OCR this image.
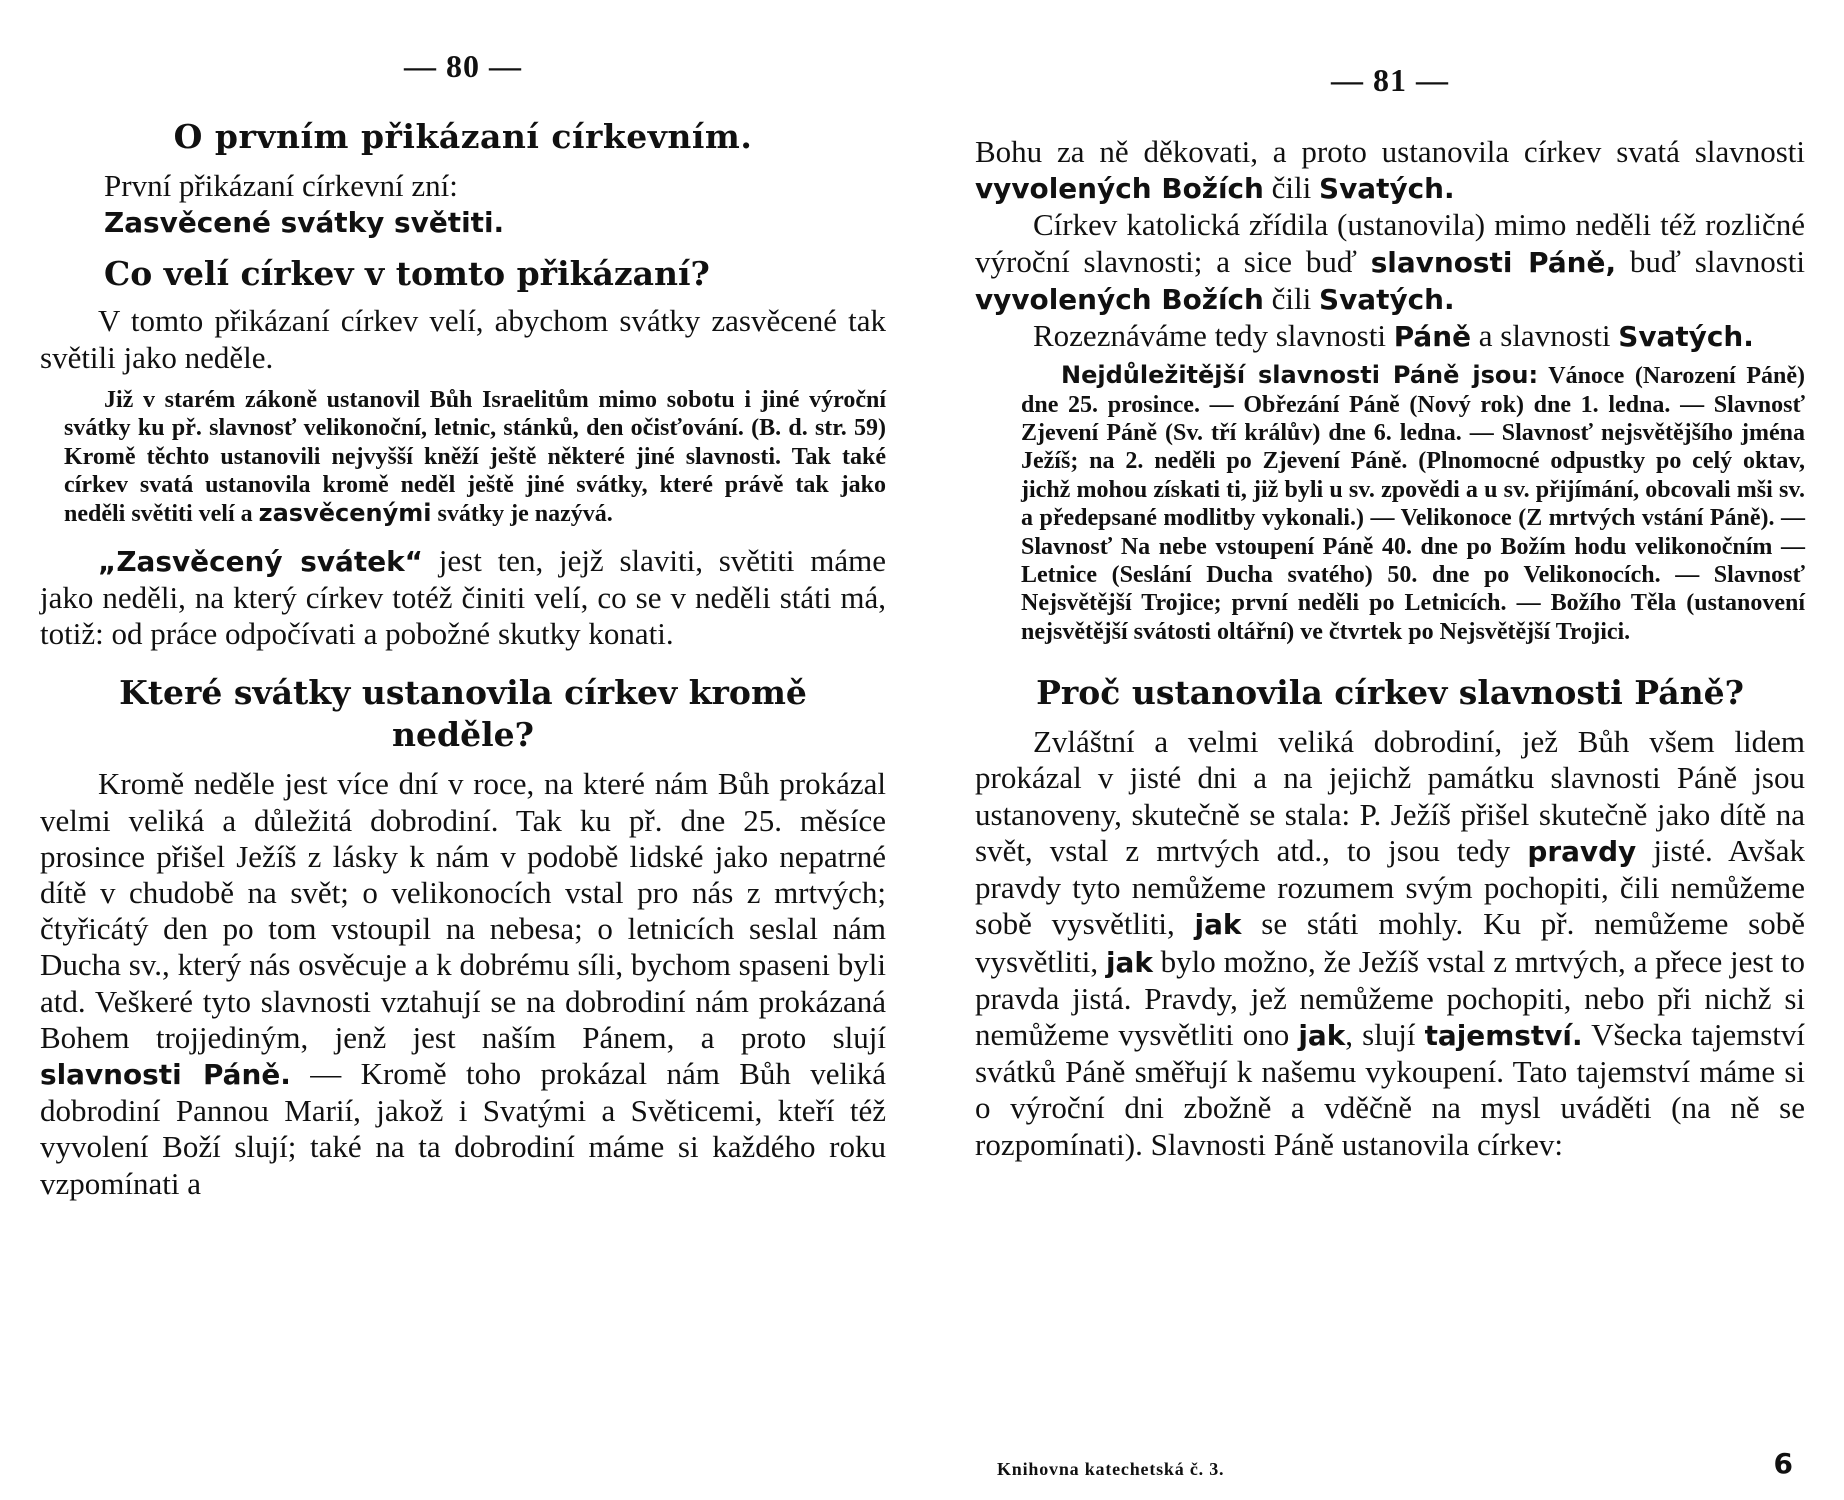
— 80 —
O prvním přikázaní církevním.

První přikázaní církevní zní:

Zasvěcené svátky světiti.

Co velí církev v tomto přikázaní?

V tomto přikázaní církev velí, abychom svátky zasvěcené tak světili jako neděle.

Již v starém zákoně ustanovil Bůh Israelitům mimo sobotu i jiné výroční svátky ku př. slavnosť velikonoční, letnic, stánků, den očisťování. (B. d. str. 59) Kromě těchto ustanovili nejvyšší kněží ještě některé jiné slavnosti. Tak také církev svatá ustanovila kromě neděl ještě jiné svátky, které právě tak jako neděli světiti velí a zasvěcenými svátky je nazývá.

„Zasvěcený svátek“ jest ten, jejž slaviti, světiti máme jako neděli, na který církev totéž činiti velí, co se v neděli státi má, totiž: od práce odpočívati a pobožné skutky konati.

Které svátky ustanovila církev kromě neděle?

Kromě neděle jest více dní v roce, na které nám Bůh prokázal velmi veliká a důležitá dobrodiní. Tak ku př. dne 25. měsíce prosince přišel Ježíš z lásky k nám v podobě lidské jako nepatrné dítě v chudobě na svět; o velikonocích vstal pro nás z mrtvých; čtyřicátý den po tom vstoupil na nebesa; o letnicích seslal nám Ducha sv., který nás osvěcuje a k dobrému síli, bychom spaseni byli atd. Veškeré tyto slavnosti vztahují se na dobrodiní nám prokázaná Bohem trojjediným, jenž jest naším Pánem, a proto slují slavnosti Páně. — Kromě toho prokázal nám Bůh veliká dobrodiní Pannou Marií, jakož i Svatými a Světicemi, kteří též vyvolení Boží slují; také na ta dobrodiní máme si každého roku vzpomínati a

— 81 —

Bohu za ně děkovati, a proto ustanovila církev svatá slavnosti vyvolených Božích čili Svatých.

Církev katolická zřídila (ustanovila) mimo neděli též rozličné výroční slavnosti; a sice buď slavnosti Páně, buď slavnosti vyvolených Božích čili Svatých.

Rozeznáváme tedy slavnosti Páně a slavnosti Svatých.

Nejdůležitější slavnosti Páně jsou: Vánoce (Narození Páně) dne 25. prosince. — Obřezání Páně (Nový rok) dne 1. ledna. — Slavnosť Zjevení Páně (Sv. tří králův) dne 6. ledna. — Slavnosť nejsvětějšího jména Ježíš; na 2. neděli po Zjevení Páně. (Plnomocné odpustky po celý oktav, jichž mohou získati ti, již byli u sv. zpovědi a u sv. přijímání, obcovali mši sv. a předepsané modlitby vykonali.) — Velikonoce (Z mrtvých vstání Páně). — Slavnosť Na nebe vstoupení Páně 40. dne po Božím hodu velikonočním — Letnice (Seslání Ducha svatého) 50. dne po Velikonocích. — Slavnosť Nejsvětější Trojice; první neděli po Letnicích. — Božího Těla (ustanovení nejsvětější svátosti oltářní) ve čtvrtek po Nejsvětější Trojici.

Proč ustanovila církev slavnosti Páně?

Zvláštní a velmi veliká dobrodiní, jež Bůh všem lidem prokázal v jisté dni a na jejichž památku slavnosti Páně jsou ustanoveny, skutečně se stala: P. Ježíš přišel skutečně jako dítě na svět, vstal z mrtvých atd., to jsou tedy pravdy jisté. Avšak pravdy tyto nemůžeme rozumem svým pochopiti, čili nemůžeme sobě vysvětliti, jak se státi mohly. Ku př. nemůžeme sobě vysvětliti, jak bylo možno, že Ježíš vstal z mrtvých, a přece jest to pravda jistá. Pravdy, jež nemůžeme pochopiti, nebo při nichž si nemůžeme vysvětliti ono jak, slují tajemství. Všecka tajemství svátků Páně směřují k našemu vykoupení. Tato tajemství máme si o výroční dni zbožně a vděčně na mysl uváděti (na ně se rozpomínati). Slavnosti Páně ustanovila církev:

Knihovna katechetská č. 3.	6
